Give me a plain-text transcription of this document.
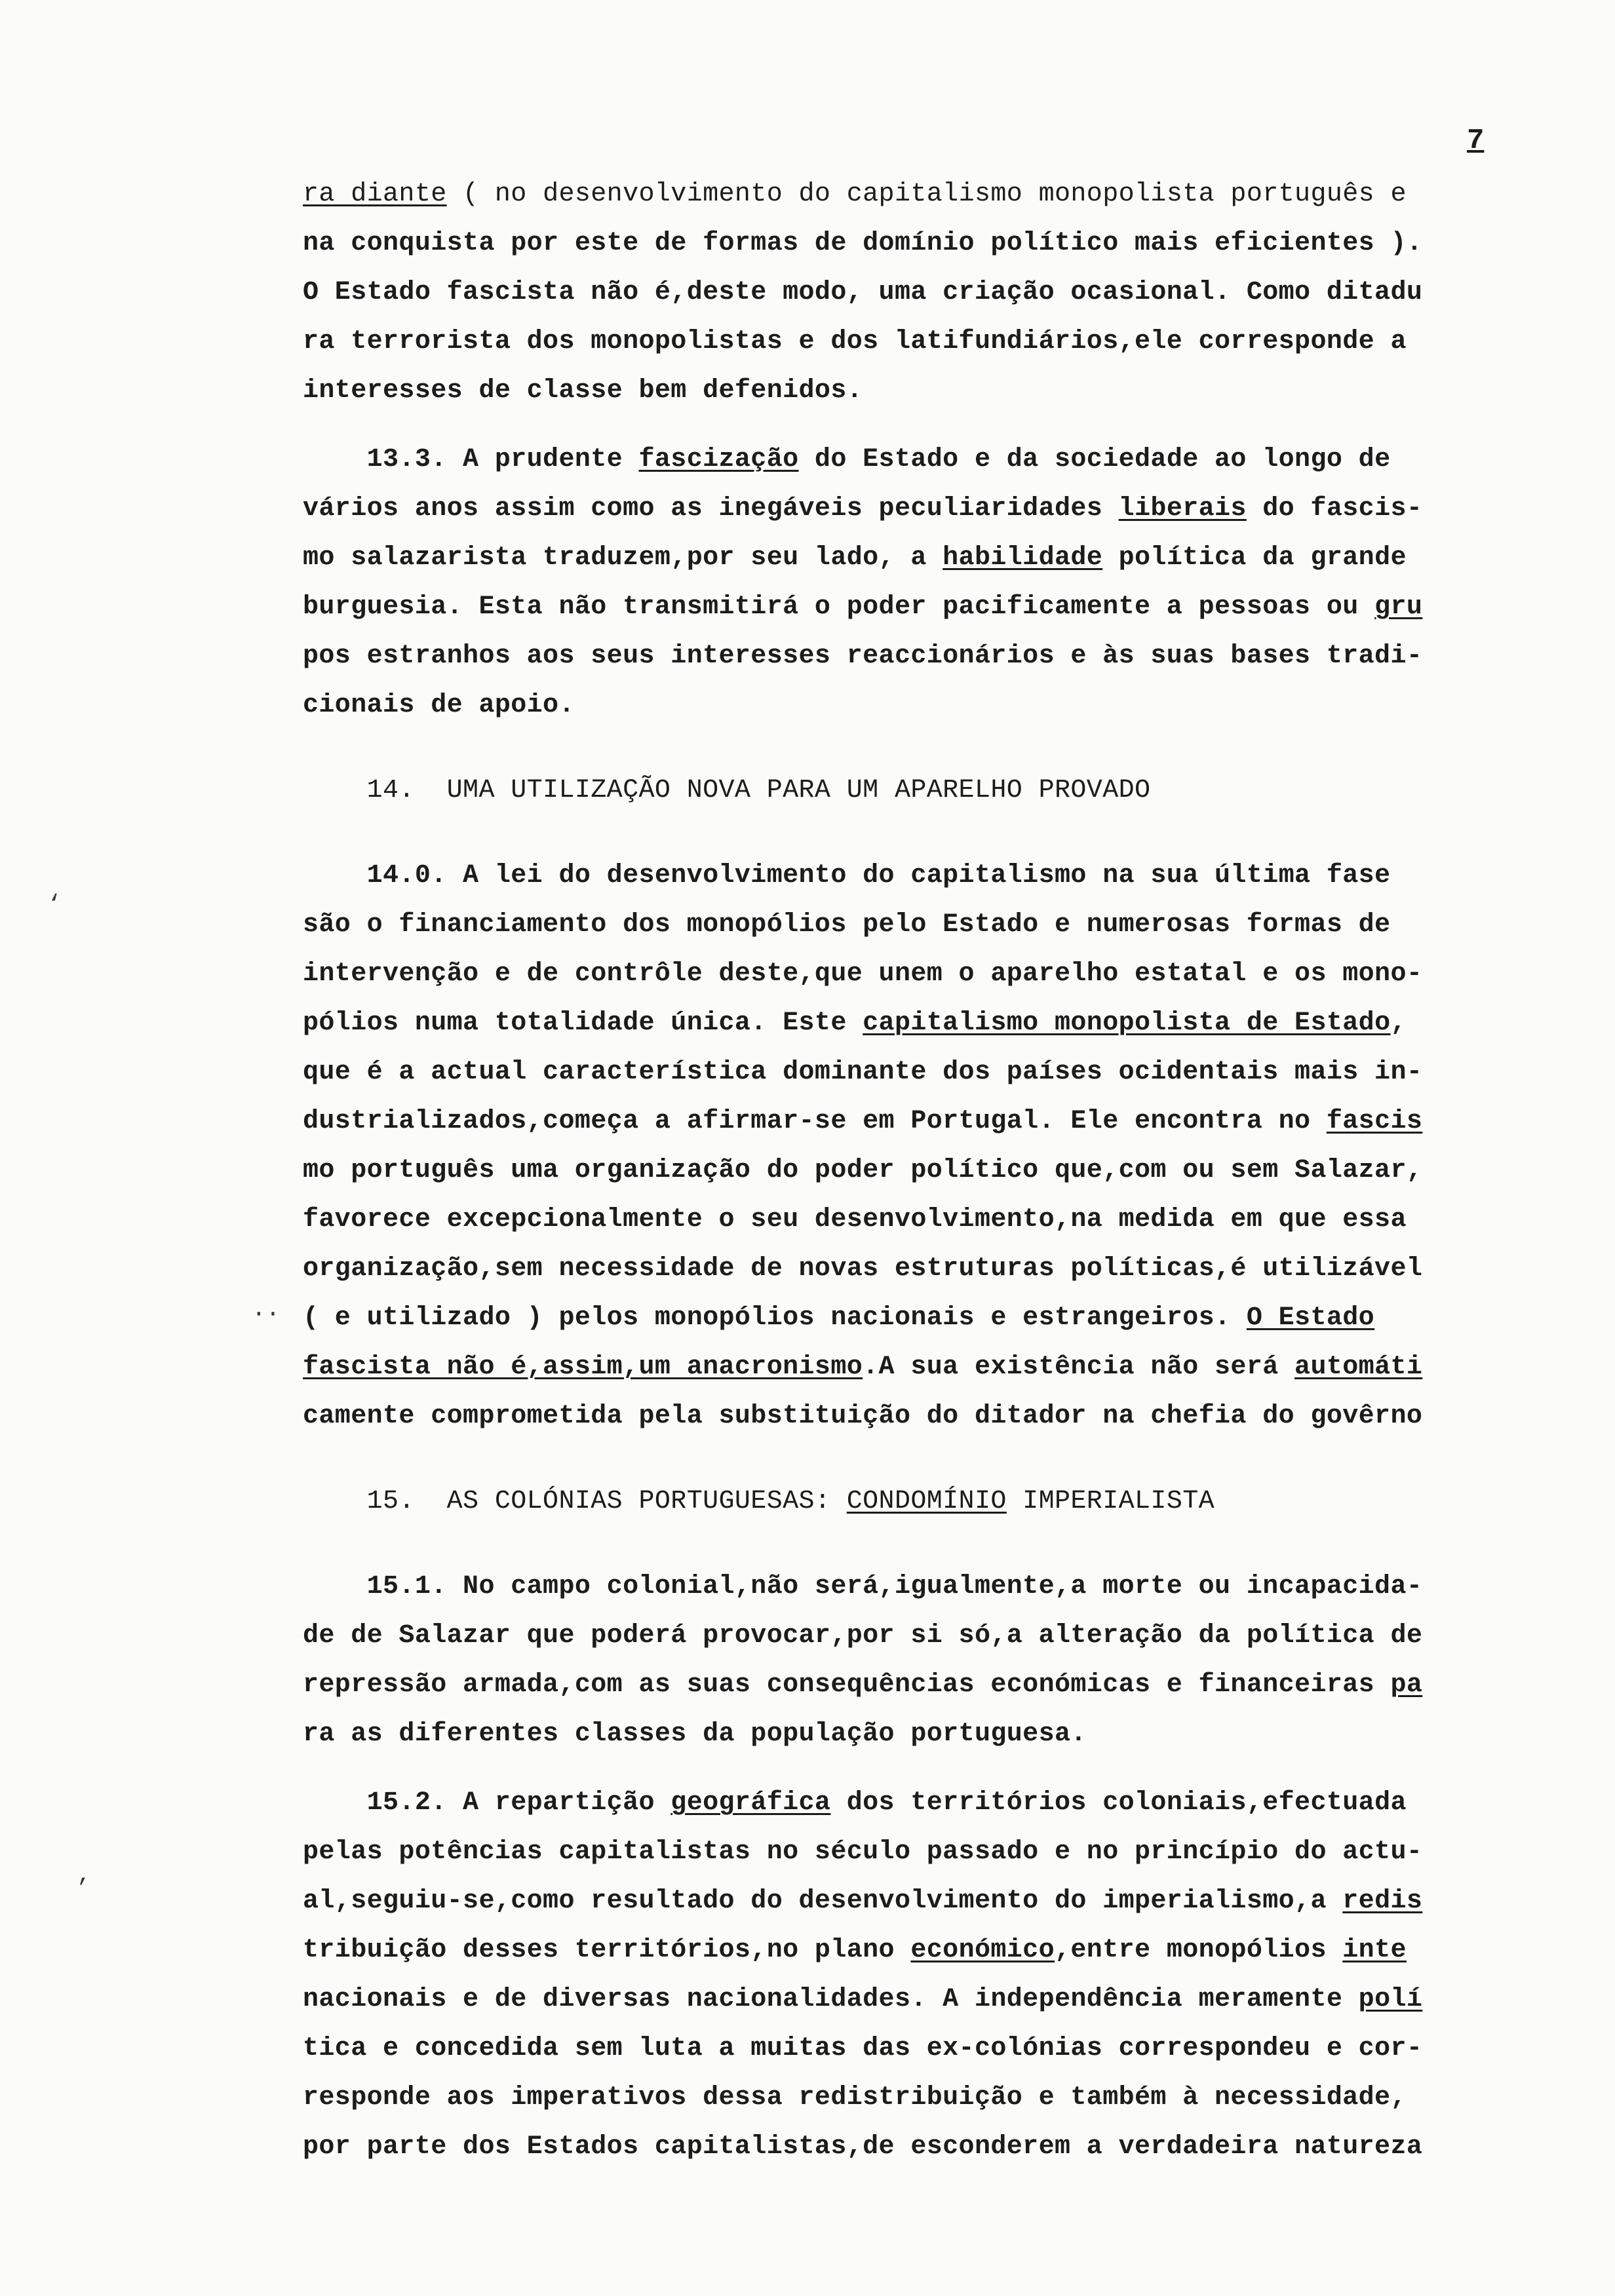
7
ra diante ( no desenvolvimento do capitalismo monopolista português e
na conquista por este de formas de domínio político mais eficientes ).
O Estado fascista não é,deste modo, uma criação ocasional. Como ditadu
ra terrorista dos monopolistas e dos latifundiários,ele corresponde a
interesses de classe bem defenidos.
13.3. A prudente fascização do Estado e da sociedade ao longo de
vários anos assim como as inegáveis peculiaridades liberais do fascis-
mo salazarista traduzem,por seu lado, a habilidade política da grande
burguesia. Esta não transmitirá o poder pacificamente a pessoas ou gru
pos estranhos aos seus interesses reaccionários e às suas bases tradi-
cionais de apoio.
14.  UMA UTILIZAÇÃO NOVA PARA UM APARELHO PROVADO
14.0. A lei do desenvolvimento do capitalismo na sua última fase
são o financiamento dos monopólios pelo Estado e numerosas formas de
intervenção e de contrôle deste,que unem o aparelho estatal e os mono-
pólios numa totalidade única. Este capitalismo monopolista de Estado,
que é a actual característica dominante dos países ocidentais mais in-
dustrializados,começa a afirmar-se em Portugal. Ele encontra no fascis
mo português uma organização do poder político que,com ou sem Salazar,
favorece excepcionalmente o seu desenvolvimento,na medida em que essa
organização,sem necessidade de novas estruturas políticas,é utilizável
( e utilizado ) pelos monopólios nacionais e estrangeiros. O Estado
fascista não é,assim,um anacronismo.A sua existência não será automáti
camente comprometida pela substituição do ditador na chefia do govêrno
15.  AS COLÓNIAS PORTUGUESAS: CONDOMÍNIO IMPERIALISTA
15.1. No campo colonial,não será,igualmente,a morte ou incapacida-
de de Salazar que poderá provocar,por si só,a alteração da política de
repressão armada,com as suas consequências económicas e financeiras pa
ra as diferentes classes da população portuguesa.
15.2. A repartição geográfica dos territórios coloniais,efectuada
pelas potências capitalistas no século passado e no princípio do actu-
al,seguiu-se,como resultado do desenvolvimento do imperialismo,a redis
tribuição desses territórios,no plano económico,entre monopólios inte
nacionais e de diversas nacionalidades. A independência meramente polí
tica e concedida sem luta a muitas das ex-colónias correspondeu e cor-
responde aos imperativos dessa redistribuição e também à necessidade,
por parte dos Estados capitalistas,de esconderem a verdadeira natureza
‘
··
‚
